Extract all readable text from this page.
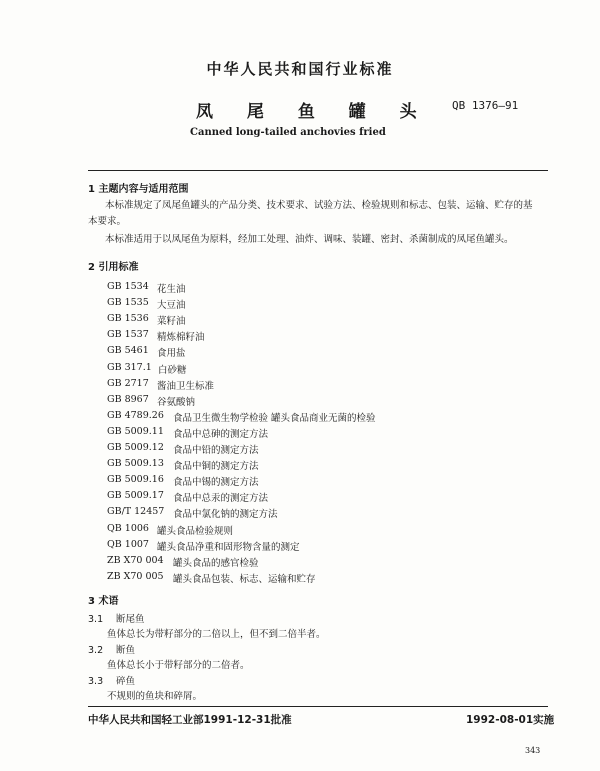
中华人民共和国行业标准
凤 尾 鱼 罐 头 QB 1376—91
Canned long-tailed anchovies fried
1 主题内容与适用范围
本标准规定了凤尾鱼罐头的产品分类、技术要求、试验方法、检验规则和标志、包装、运输、贮存的基
本要求。
本标准适用于以凤尾鱼为原料，经加工处理、油炸、调味、装罐、密封、杀菌制成的凤尾鱼罐头。
2 引用标准
GB 1534 花生油
GB 1535 大豆油
GB 1536 菜籽油
GB 1537 精炼棉籽油
GB 5461 食用盐
GB 317.1 白砂糖
GB 2717 酱油卫生标准
GB 8967 谷氨酸钠
GB 4789.26 食品卫生微生物学检验 罐头食品商业无菌的检验
GB 5009.11 食品中总砷的测定方法
GB 5009.12 食品中铅的测定方法
GB 5009.13 食品中铜的测定方法
GB 5009.16 食品中锡的测定方法
GB 5009.17 食品中总汞的测定方法
GB/T 12457 食品中氯化钠的测定方法
QB 1006 罐头食品检验规则
QB 1007 罐头食品净重和固形物含量的测定
ZB X70 004 罐头食品的感官检验
ZB X70 005 罐头食品包装、标志、运输和贮存
3 术语
3.1 断尾鱼
鱼体总长为带籽部分的二倍以上，但不到二倍半者。
3.2 断鱼
鱼体总长小于带籽部分的二倍者。
3.3 碎鱼
不规则的鱼块和碎屑。
中华人民共和国轻工业部1991-12-31批准	1992-08-01实施
343
